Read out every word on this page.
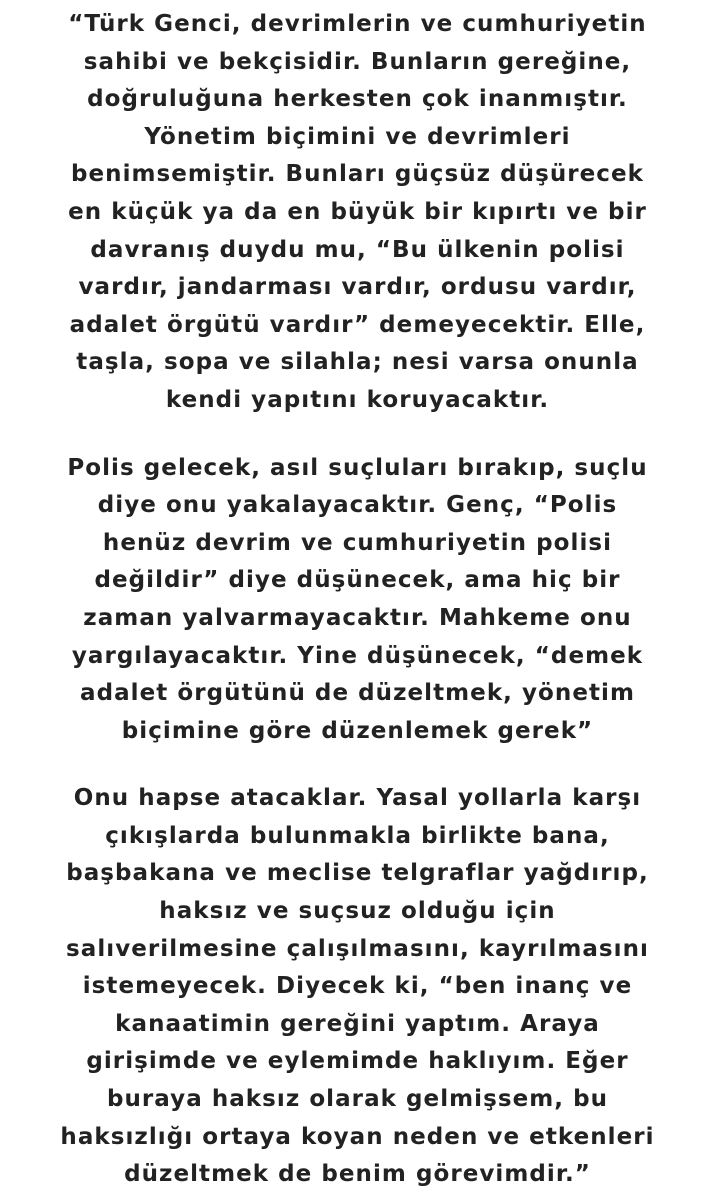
“Türk Genci, devrimlerin ve cumhuriyetin
sahibi ve bekçisidir. Bunların gereğine,
doğruluğuna herkesten çok inanmıştır.
Yönetim biçimini ve devrimleri
benimsemiştir. Bunları güçsüz düşürecek
en küçük ya da en büyük bir kıpırtı ve bir
davranış duydu mu, “Bu ülkenin polisi
vardır, jandarması vardır, ordusu vardır,
adalet örgütü vardır” demeyecektir. Elle,
taşla, sopa ve silahla; nesi varsa onunla
kendi yapıtını koruyacaktır.

Polis gelecek, asıl suçluları bırakıp, suçlu
diye onu yakalayacaktır. Genç, “Polis
henüz devrim ve cumhuriyetin polisi
değildir” diye düşünecek, ama hiç bir
zaman yalvarmayacaktır. Mahkeme onu
yargılayacaktır. Yine düşünecek, “demek
adalet örgütünü de düzeltmek, yönetim
biçimine göre düzenlemek gerek”

Onu hapse atacaklar. Yasal yollarla karşı
çıkışlarda bulunmakla birlikte bana,
başbakana ve meclise telgraflar yağdırıp,
haksız ve suçsuz olduğu için
salıverilmesine çalışılmasını, kayrılmasını
istemeyecek. Diyecek ki, “ben inanç ve
kanaatimin gereğini yaptım. Araya
girişimde ve eylemimde haklıyım. Eğer
buraya haksız olarak gelmişsem, bu
haksızlığı ortaya koyan neden ve etkenleri
düzeltmek de benim görevimdir.”
